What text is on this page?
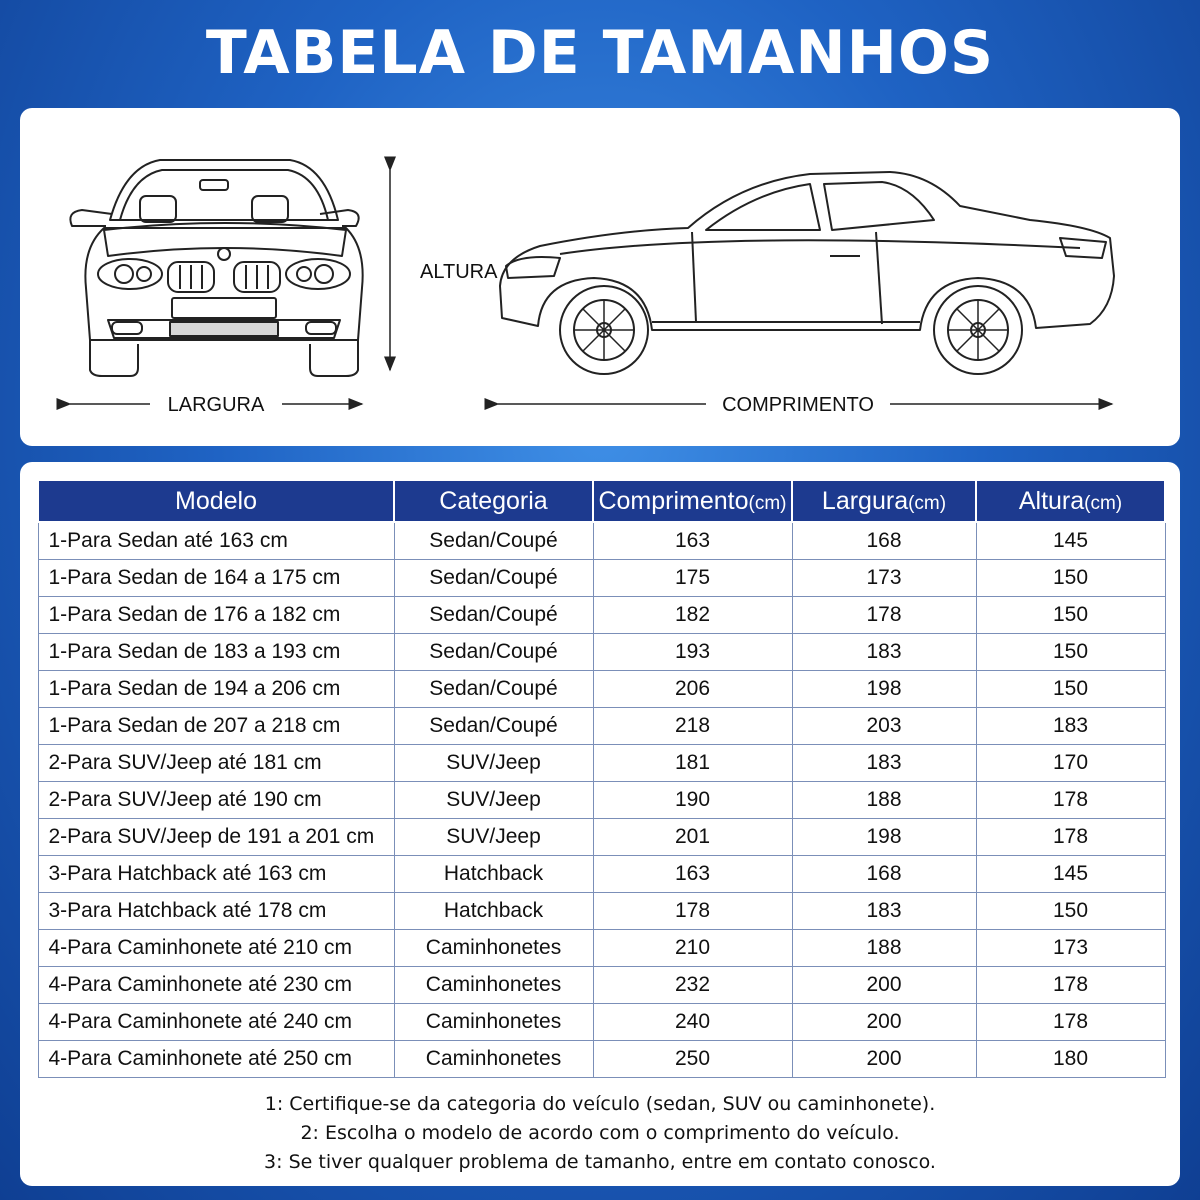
TABELA DE TAMANHOS
ALTURA
LARGURA	COMPRIMENTO
Modelo	Categoria	Comprimento(cm)	Largura(cm)	Altura(cm)
1-Para Sedan até 163 cm	Sedan/Coupé	163	168	145
1-Para Sedan de 164 a 175 cm	Sedan/Coupé	175	173	150
1-Para Sedan de 176 a 182 cm	Sedan/Coupé	182	178	150
1-Para Sedan de 183 a 193 cm	Sedan/Coupé	193	183	150
1-Para Sedan de 194 a 206 cm	Sedan/Coupé	206	198	150
1-Para Sedan de 207 a 218 cm	Sedan/Coupé	218	203	183
2-Para SUV/Jeep até 181 cm	SUV/Jeep	181	183	170
2-Para SUV/Jeep até 190 cm	SUV/Jeep	190	188	178
2-Para SUV/Jeep de 191 a 201 cm	SUV/Jeep	201	198	178
3-Para Hatchback até 163 cm	Hatchback	163	168	145
3-Para Hatchback até 178 cm	Hatchback	178	183	150
4-Para Caminhonete até 210 cm	Caminhonetes	210	188	173
4-Para Caminhonete até 230 cm	Caminhonetes	232	200	178
4-Para Caminhonete até 240 cm	Caminhonetes	240	200	178
4-Para Caminhonete até 250 cm	Caminhonetes	250	200	180
1: Certifique-se da categoria do veículo (sedan, SUV ou caminhonete).
2: Escolha o modelo de acordo com o comprimento do veículo.
3: Se tiver qualquer problema de tamanho, entre em contato conosco.
